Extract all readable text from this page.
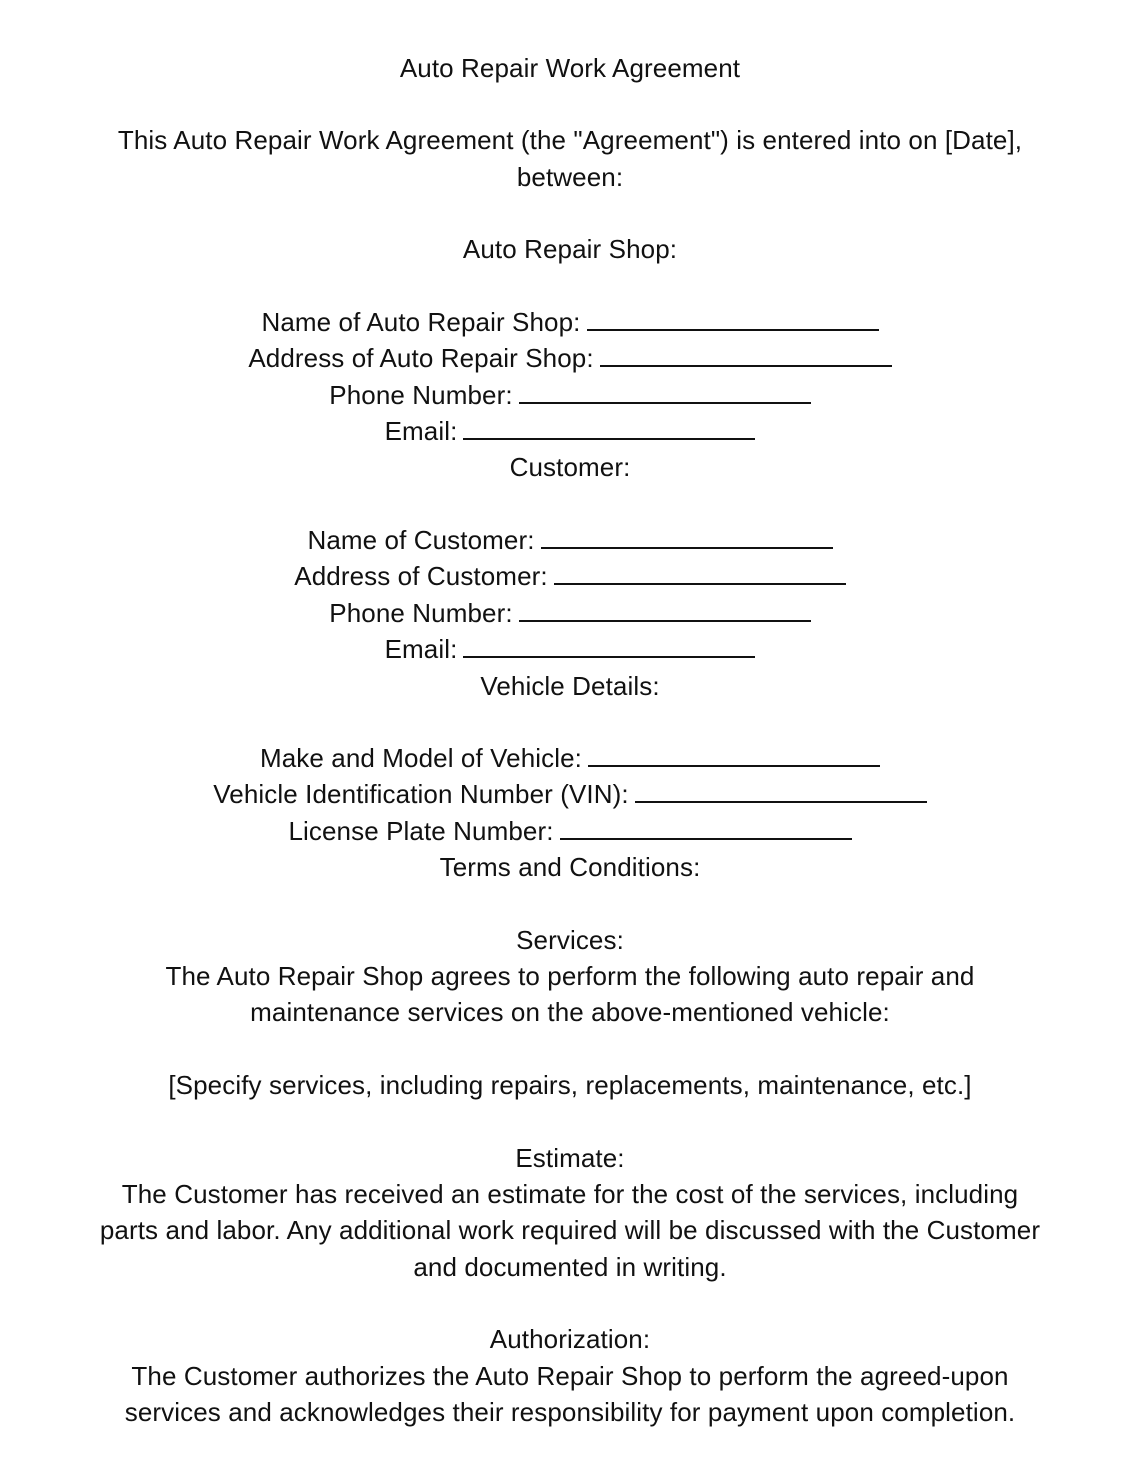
Auto Repair Work Agreement
This Auto Repair Work Agreement (the "Agreement") is entered into on [Date],
between:
Auto Repair Shop:
Name of Auto Repair Shop:
Address of Auto Repair Shop:
Phone Number:
Email:
Customer:
Name of Customer:
Address of Customer:
Phone Number:
Email:
Vehicle Details:
Make and Model of Vehicle:
Vehicle Identification Number (VIN):
License Plate Number:
Terms and Conditions:
Services:
The Auto Repair Shop agrees to perform the following auto repair and
maintenance services on the above-mentioned vehicle:
[Specify services, including repairs, replacements, maintenance, etc.]
Estimate:
The Customer has received an estimate for the cost of the services, including
parts and labor. Any additional work required will be discussed with the Customer
and documented in writing.
Authorization:
The Customer authorizes the Auto Repair Shop to perform the agreed-upon
services and acknowledges their responsibility for payment upon completion.
